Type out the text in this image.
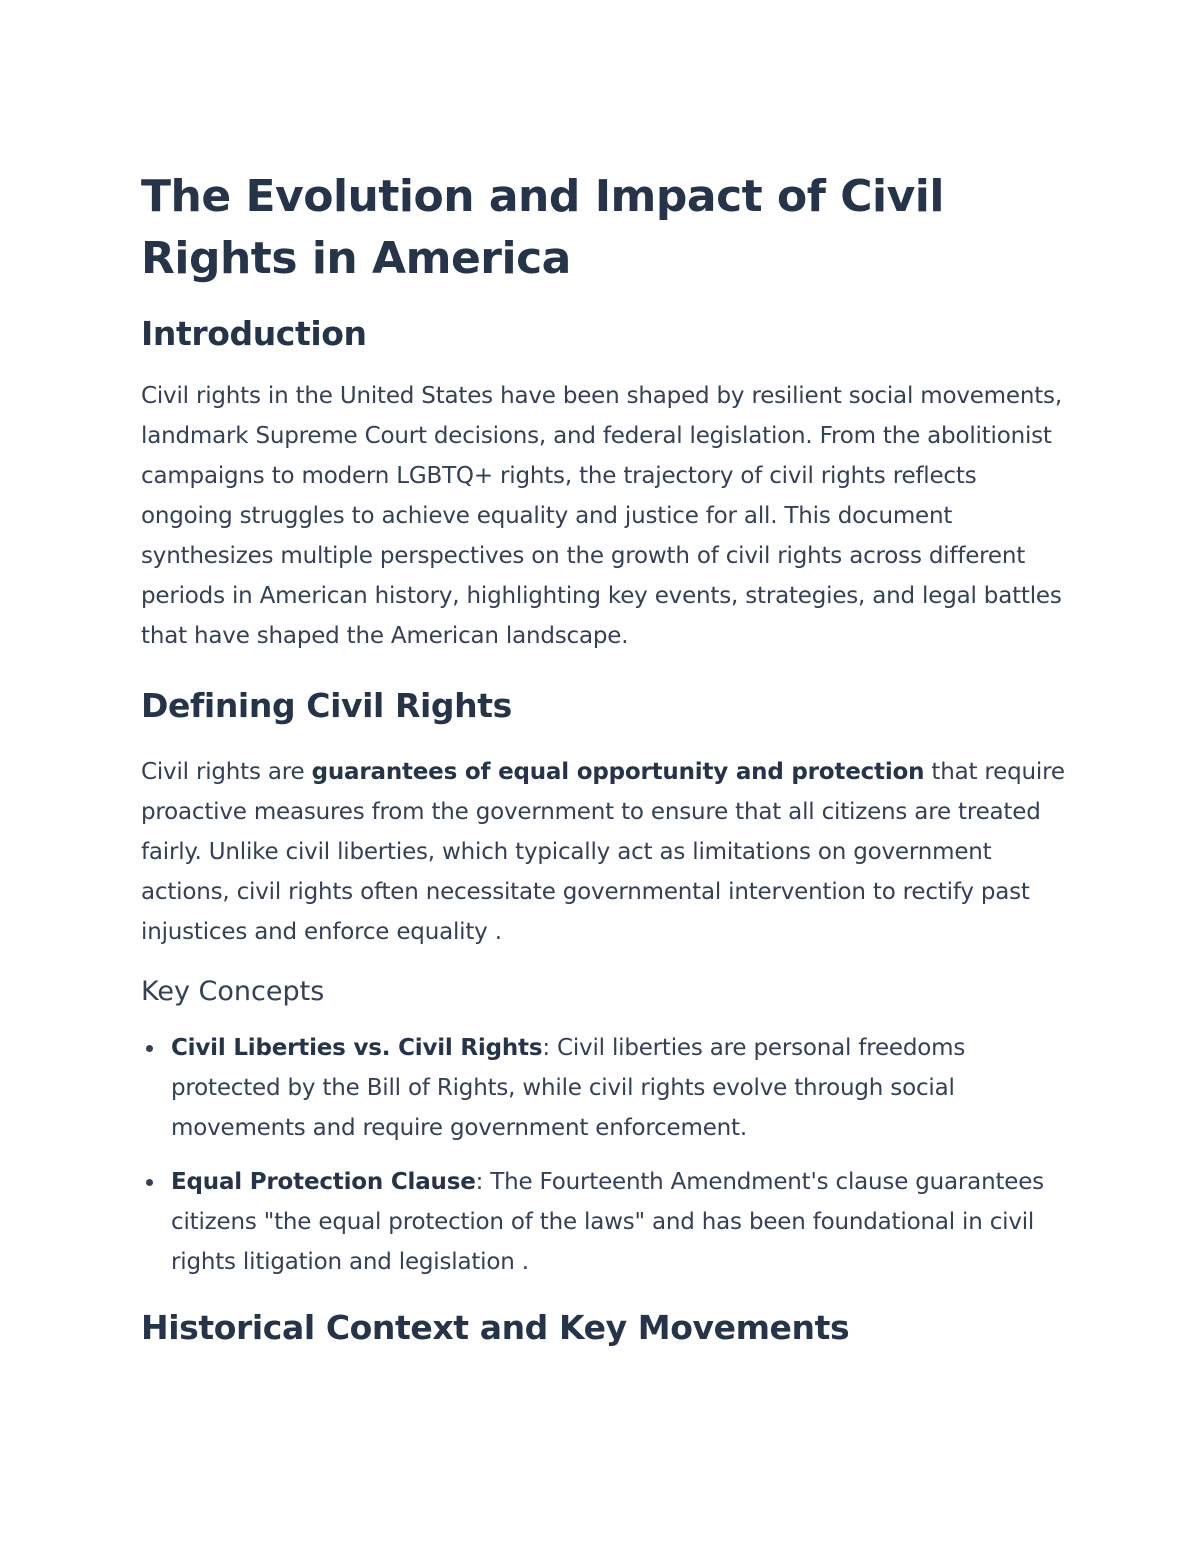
The Evolution and Impact of Civil Rights in America
Introduction

Civil rights in the United States have been shaped by resilient social movements, landmark Supreme Court decisions, and federal legislation. From the abolitionist campaigns to modern LGBTQ+ rights, the trajectory of civil rights reflects ongoing struggles to achieve equality and justice for all. This document synthesizes multiple perspectives on the growth of civil rights across different periods in American history, highlighting key events, strategies, and legal battles that have shaped the American landscape.

Defining Civil Rights

Civil rights are guarantees of equal opportunity and protection that require proactive measures from the government to ensure that all citizens are treated fairly. Unlike civil liberties, which typically act as limitations on government actions, civil rights often necessitate governmental intervention to rectify past injustices and enforce equality .

Key Concepts
Civil Liberties vs. Civil Rights: Civil liberties are personal freedoms protected by the Bill of Rights, while civil rights evolve through social movements and require government enforcement.
Equal Protection Clause: The Fourteenth Amendment's clause guarantees citizens "the equal protection of the laws" and has been foundational in civil rights litigation and legislation .
Historical Context and Key Movements
